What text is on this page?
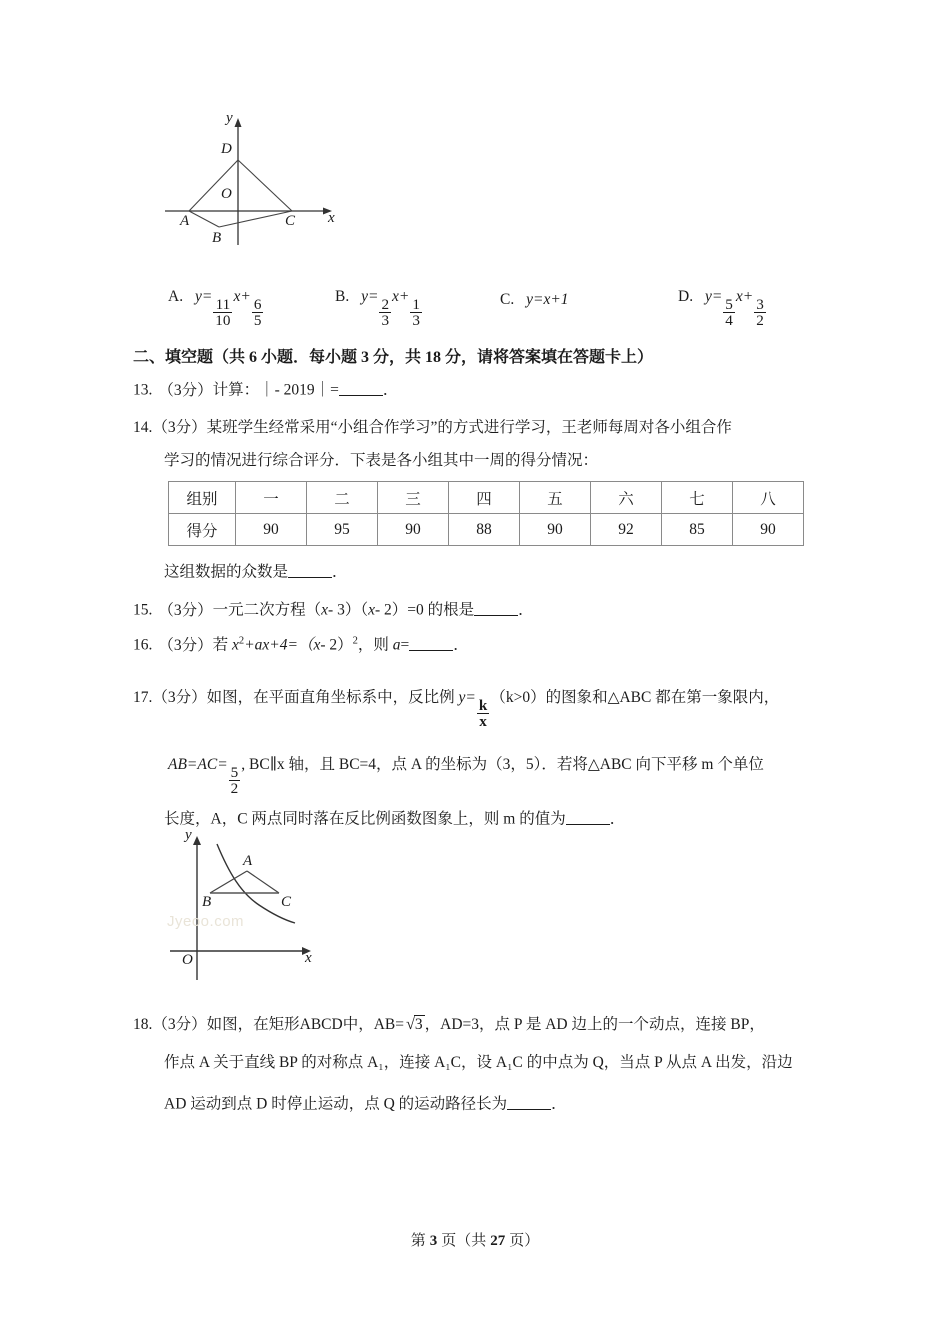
y
x
D
O
A
B
C
A. y=
$\frac{11}{10}$
x+
$\frac{6}{5}$
B. y=
$\frac{2}{3}$
x+
$\frac{1}{3}$	C. y=x+1	D. y=
$\frac{5}{4}$
x+
$\frac{3}{2}$
二、填空题（共 6 小题．每小题 3 分，共 18 分，请将答案填在答题卡上）
13. （3分）计算：｜- 2019｜=	．
14.（3分）某班学生经常采用“小组合作学习”的方式进行学习，王老师每周对各小组合作
学习的情况进行综合评分．下表是各小组其中一周的得分情况：
组别	一	二	三	四	五	六	七	八
得分	90	95	90	88	90	92	85	90
这组数据的众数是	．
15. （3分）一元二次方程（x- 3）（x- 2）=0 的根是	．
16. （3分）若 $x^2+ax+4=(x-$ 2）$^2$，则 a=	．
17.（3分）如图，在平面直角坐标系中，反比例 y=
$\frac{k}{x}$
（k>0）的图象和△ABC 都在第一象限内，
AB=AC=
$\frac{5}{2}$
, BC∥x 轴，且 BC=4，点 A 的坐标为（3，5）．若将△ABC 向下平移 m 个单位
长度，A，C 两点同时落在反比例函数图象上，则 m 的值为	．
Jyeoo.com
y
x
O
A
B	C
18.（3分）如图，在矩形ABCD中，AB= √3 ，AD=3，点 P 是 AD 边上的一个动点，连接 BP，
作点 A 关于直线 BP 的对称点 A₁，连接 A₁C，设 A₁C 的中点为 Q，当点 P 从点 A 出发，沿边
AD 运动到点 D 时停止运动，点 Q 的运动路径长为	．
第 3 页（共 27 页）
